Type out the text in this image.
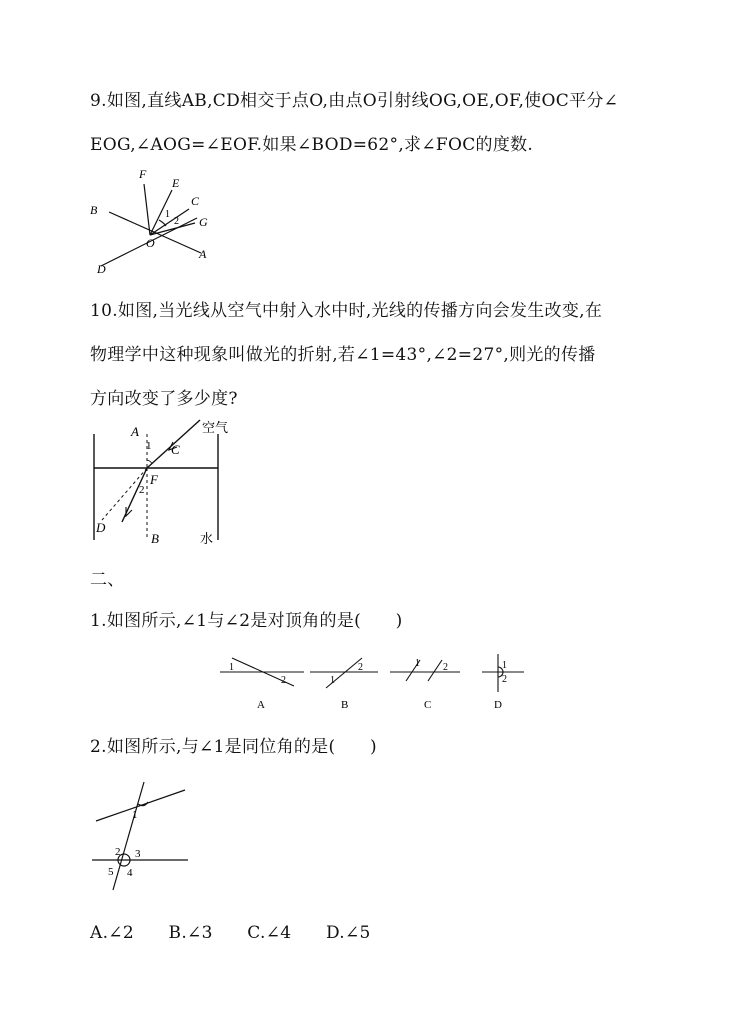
9.如图,直线AB,CD相交于点O,由点O引射线OG,OE,OF,使OC平分∠
EOG,∠AOG=∠EOF.如果∠BOD=62°,求∠FOC的度数.
F
E
C
G
B
O
A
D
1
2
10.如图,当光线从空气中射入水中时,光线的传播方向会发生改变,在
物理学中这种现象叫做光的折射,若∠1=43°,∠2=27°,则光的传播
方向改变了多少度?
A
C
F
D
B
1
2
空气
水
二、
1.如图所示,∠1与∠2是对顶角的是(　　)
1
2	1
2	1 2	1
2
A	B	C	D
2.如图所示,与∠1是同位角的是(　　)
1
2 3
4
5
A.∠2　　B.∠3　　C.∠4　　D.∠5
